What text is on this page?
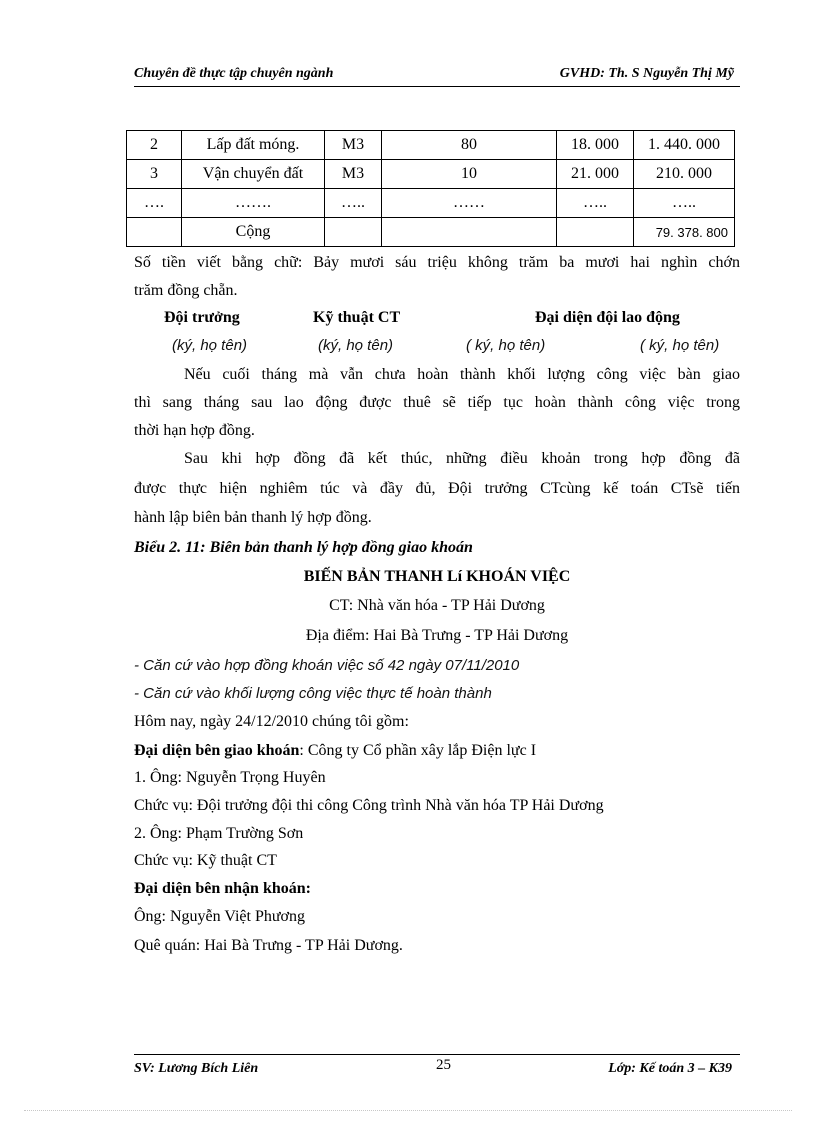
Chuyên đề thực tập chuyên ngành	GVHD: Th. S Nguyễn Thị Mỹ
2	Lấp đất móng.	M3	80	18. 000	1. 440. 000
3	Vận chuyển đất	M3	10	21. 000	210. 000
….	…….	…..	……	…..	…..
	Cộng				79. 378. 800
Số tiền viết bằng chữ: Bảy mươi sáu triệu không trăm ba mươi hai nghìn chớn
trăm đồng chẵn.
Đội trưởng	Kỹ thuật CT	Đại diện đội lao động
(ký, họ tên)	(ký, họ tên)	( ký, họ tên)	( ký, họ tên)
Nếu cuối tháng mà vẫn chưa hoàn thành khối lượng công việc bàn giao
thì sang tháng sau lao động được thuê sẽ tiếp tục hoàn thành công việc trong
thời hạn hợp đồng.
Sau khi hợp đồng đã kết thúc, những điều khoản trong hợp đồng đã
được thực hiện nghiêm túc và đầy đủ, Đội trưởng CTcùng kế toán CTsẽ tiến
hành lập biên bản thanh lý hợp đồng.
Biểu 2. 11: Biên bản thanh lý hợp đồng giao khoán
BIẾN BẢN THANH Lí KHOÁN VIỆC
CT: Nhà văn hóa - TP Hải Dương
Địa điểm: Hai Bà Trưng - TP Hải Dương
- Căn cứ vào hợp đồng khoán việc số 42 ngày 07/11/2010
- Căn cứ vào khối lượng công việc thực tế hoàn thành
Hôm nay, ngày 24/12/2010 chúng tôi gồm:
Đại diện bên giao khoán: Công ty Cổ phần xây lắp Điện lực I
1. Ông: Nguyễn Trọng Huyên
Chức vụ: Đội trưởng đội thi công Công trình Nhà văn hóa TP Hải Dương
2. Ông: Phạm Trường Sơn
Chức vụ: Kỹ thuật CT
Đại diện bên nhận khoán:
Ông: Nguyễn Việt Phương
Quê quán: Hai Bà Trưng - TP Hải Dương.
SV: Lương Bích Liên	25	Lớp: Kế toán 3 – K39
